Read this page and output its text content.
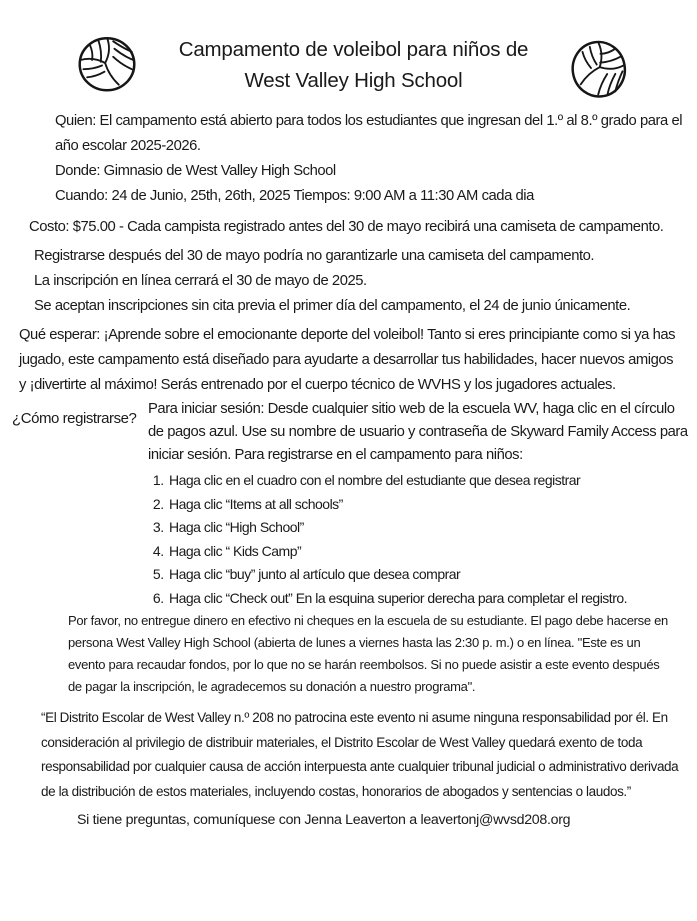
Campamento de voleibol para niños de
West Valley High School
Quien: El campamento está abierto para todos los estudiantes que ingresan del 1.º al 8.º grado para el año escolar 2025-2026.
Donde: Gimnasio de West Valley High School
Cuando: 24 de Junio, 25th, 26th, 2025 Tiempos: 9:00 AM a 11:30 AM cada dia
Costo: $75.00 - Cada campista registrado antes del 30 de mayo recibirá una camiseta de campamento.
Registrarse después del 30 de mayo podría no garantizarle una camiseta del campamento.
La inscripción en línea cerrará el 30 de mayo de 2025.
Se aceptan inscripciones sin cita previa el primer día del campamento, el 24 de junio únicamente.
Qué esperar: ¡Aprende sobre el emocionante deporte del voleibol! Tanto si eres principiante como si ya has jugado, este campamento está diseñado para ayudarte a desarrollar tus habilidades, hacer nuevos amigos y ¡divertirte al máximo! Serás entrenado por el cuerpo técnico de WVHS y los jugadores actuales.
¿Cómo registrarse?
Para iniciar sesión: Desde cualquier sitio web de la escuela WV, haga clic en el círculo de pagos azul. Use su nombre de usuario y contraseña de Skyward Family Access para iniciar sesión. Para registrarse en el campamento para niños:
1. Haga clic en el cuadro con el nombre del estudiante que desea registrar
2. Haga clic “Items at all schools”
3. Haga clic “High School”
4. Haga clic “ Kids Camp”
5. Haga clic “buy” junto al artículo que desea comprar
6. Haga clic “Check out” En la esquina superior derecha para completar el registro.
Por favor, no entregue dinero en efectivo ni cheques en la escuela de su estudiante. El pago debe hacerse en persona West Valley High School (abierta de lunes a viernes hasta las 2:30 p. m.) o en línea. "Este es un evento para recaudar fondos, por lo que no se harán reembolsos. Si no puede asistir a este evento después de pagar la inscripción, le agradecemos su donación a nuestro programa".
“El Distrito Escolar de West Valley n.º 208 no patrocina este evento ni asume ninguna responsabilidad por él. En consideración al privilegio de distribuir materiales, el Distrito Escolar de West Valley quedará exento de toda responsabilidad por cualquier causa de acción interpuesta ante cualquier tribunal judicial o administrativo derivada de la distribución de estos materiales, incluyendo costas, honorarios de abogados y sentencias o laudos.”
Si tiene preguntas, comuníquese con Jenna Leaverton a leavertonj@wvsd208.org
